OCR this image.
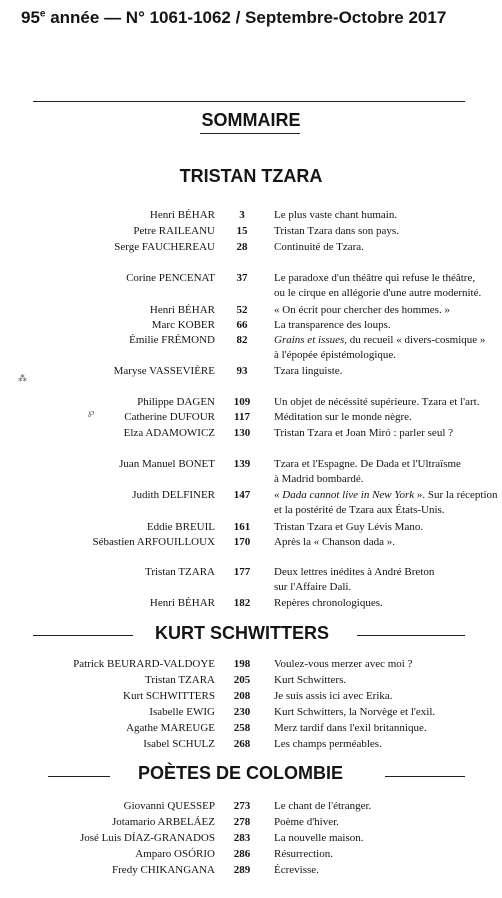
95e année — N° 1061-1062 / Septembre-Octobre 2017
SOMMAIRE
TRISTAN TZARA
KURT SCHWITTERS
POÈTES DE COLOMBIE
⁂
℘
Henri BÉHAR	3	Le plus vaste chant humain.
Petre RAILEANU	15	Tristan Tzara dans son pays.
Serge FAUCHEREAU	28	Continuité de Tzara.
Corine PENCENAT	37	Le paradoxe d'un théâtre qui refuse le théâtre,
ou le cirque en allégorie d'une autre modernité.
Henri BÉHAR	52	« On écrit pour chercher des hommes. »
Marc KOBER	66	La transparence des loups.
Émilie FRÉMOND	82	Grains et issues, du recueil « divers-cosmique »
à l'épopée épistémologique.
Maryse VASSEVIÈRE	93	Tzara linguiste.
Philippe DAGEN	109	Un objet de nécéssité supérieure. Tzara et l'art.
Catherine DUFOUR	117	Méditation sur le monde nègre.
Elza ADAMOWICZ	130	Tristan Tzara et Joan Miró : parler seul ?
Juan Manuel BONET	139	Tzara et l'Espagne. De Dada et l'Ultraïsme
à Madrid bombardé.
Judith DELFINER	147	« Dada cannot live in New York ». Sur la réception
et la postérité de Tzara aux États-Unis.
Eddie BREUIL	161	Tristan Tzara et Guy Lévis Mano.
Sébastien ARFOUILLOUX	170	Après la « Chanson dada ».
Tristan TZARA	177	Deux lettres inédites à André Breton
sur l'Affaire Dali.
Henri BÉHAR	182	Repères chronologiques.
Patrick BEURARD-VALDOYE	198	Voulez-vous merzer avec moi ?
Tristan TZARA	205	Kurt Schwitters.
Kurt SCHWITTERS	208	Je suis assis ici avec Erika.
Isabelle EWIG	230	Kurt Schwitters, la Norvège et l'exil.
Agathe MAREUGE	258	Merz tardif dans l'exil britannique.
Isabel SCHULZ	268	Les champs perméables.
Giovanni QUESSEP	273	Le chant de l'étranger.
Jotamario ARBELÁEZ	278	Poème d'hiver.
José Luis DÍAZ-GRANADOS	283	La nouvelle maison.
Amparo OSÓRIO	286	Résurrection.
Fredy CHIKANGANA	289	Écrevisse.
